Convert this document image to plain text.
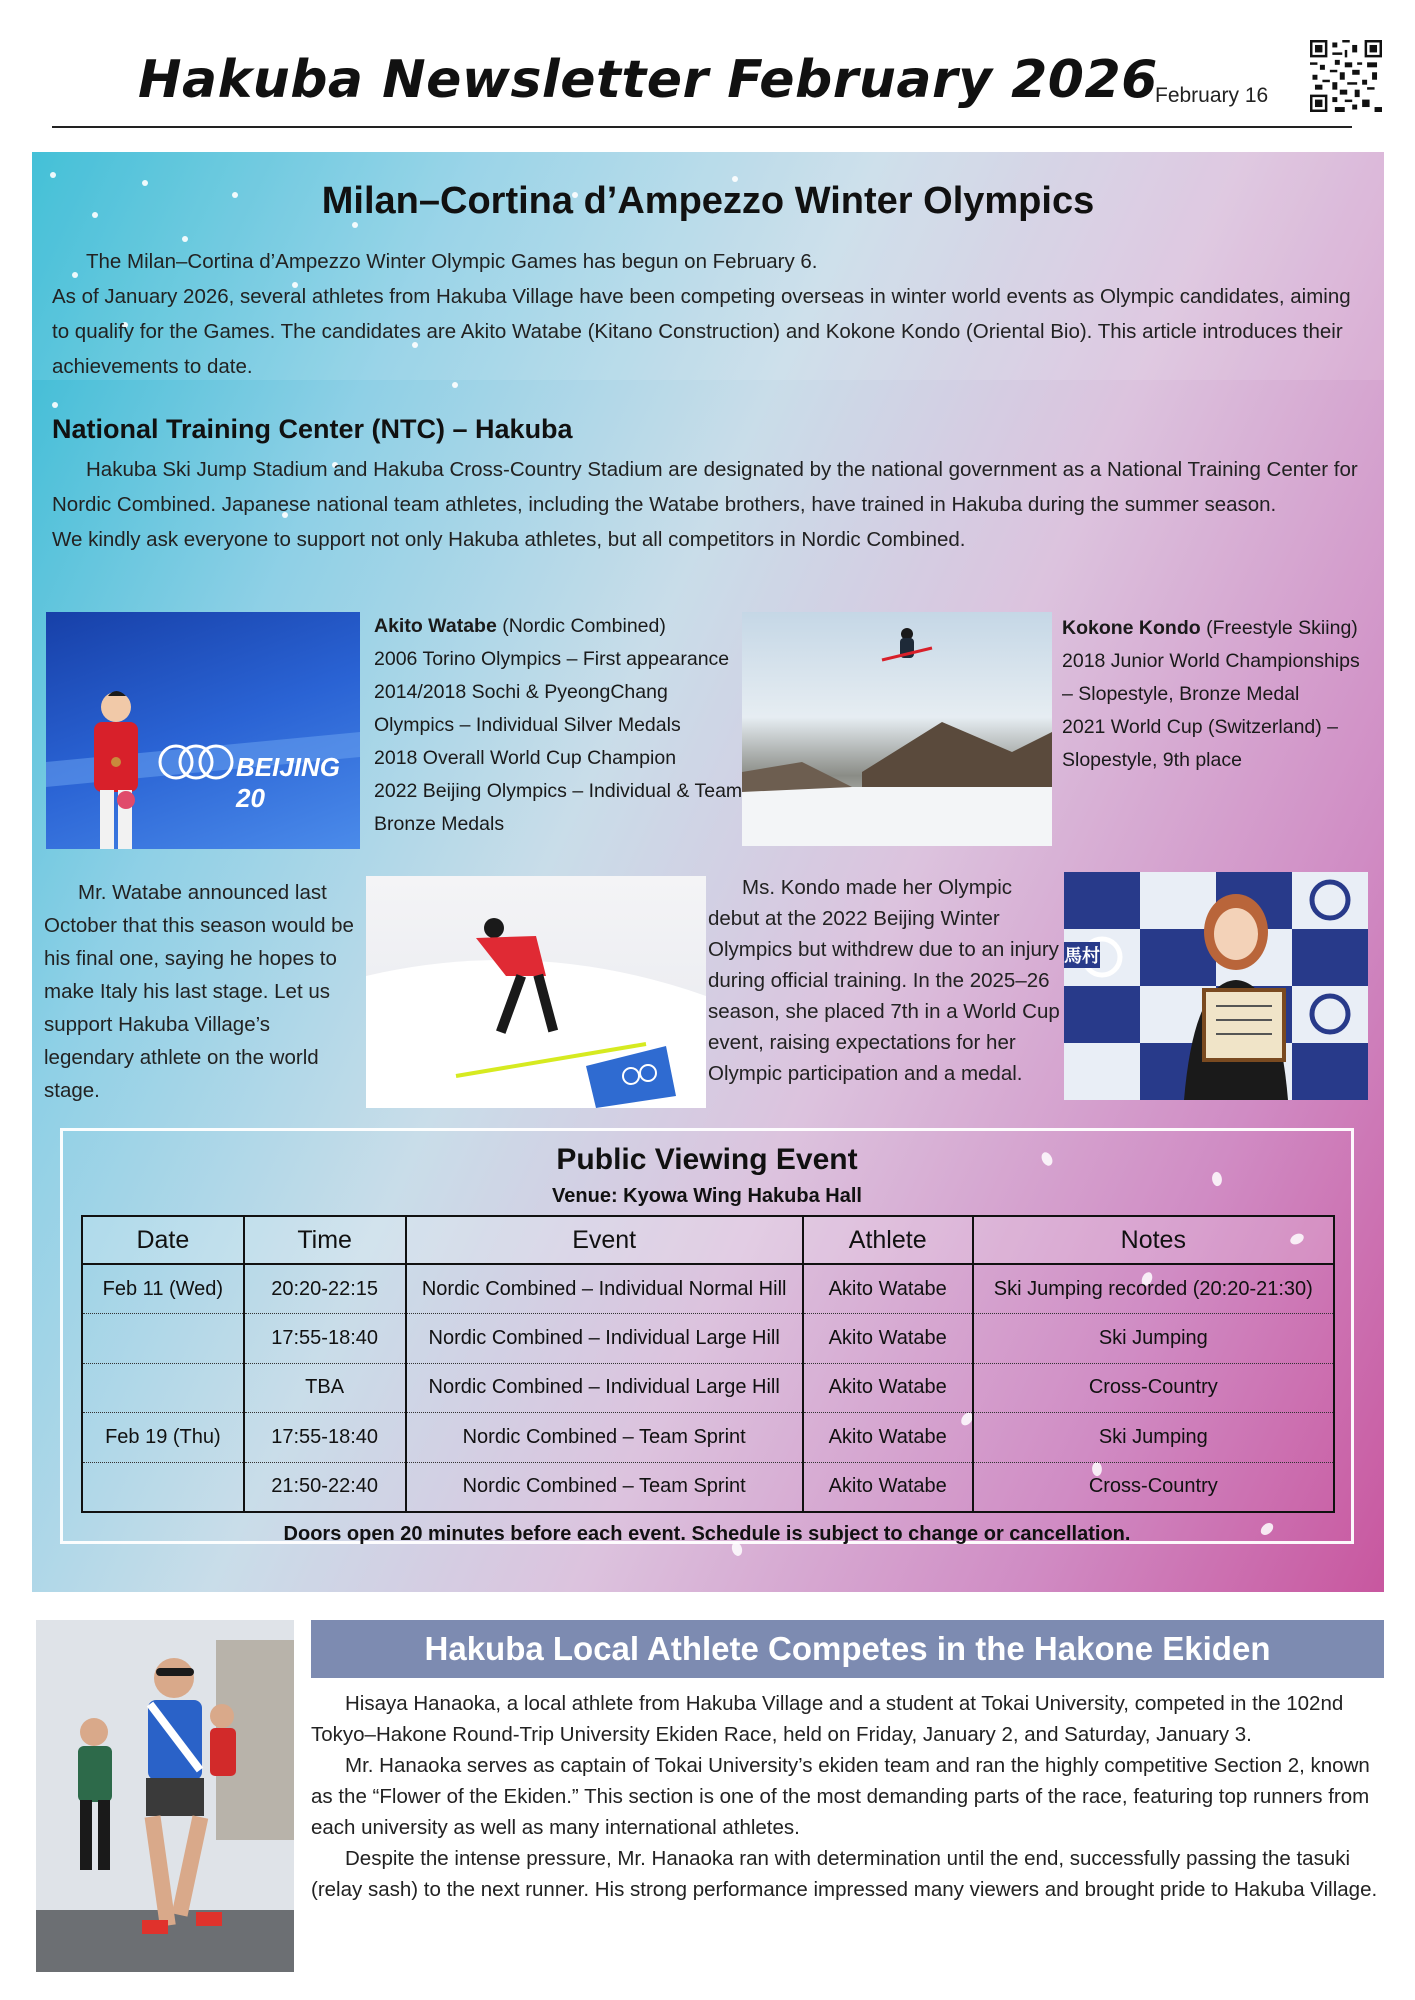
Hakuba Newsletter February 2026
February 16
Milan–Cortina d’Ampezzo Winter Olympics

The Milan–Cortina d’Ampezzo Winter Olympic Games has begun on February 6.

As of January 2026, several athletes from Hakuba Village have been competing overseas in winter world events as Olympic candidates, aiming to qualify for the Games. The candidates are Akito Watabe (Kitano Construction) and Kokone Kondo (Oriental Bio). This article introduces their achievements to date.

National Training Center (NTC) – Hakuba

Hakuba Ski Jump Stadium and Hakuba Cross-Country Stadium are designated by the national government as a National Training Center for Nordic Combined. Japanese national team athletes, including the Watabe brothers, have trained in Hakuba during the summer season.

We kindly ask everyone to support not only Hakuba athletes, but all competitors in Nordic Combined.

BEIJING 20
Akito Watabe (Nordic Combined)
2006 Torino Olympics – First appearance
2014/2018 Sochi & PyeongChang Olympics – Individual Silver Medals
2018 Overall World Cup Champion
2022 Beijing Olympics – Individual & Team Bronze Medals
Kokone Kondo (Freestyle Skiing)
2018 Junior World Championships – Slopestyle, Bronze Medal
2021 World Cup (Switzerland) – Slopestyle, 9th place
Mr. Watabe announced last October that this season would be his final one, saying he hopes to make Italy his last stage. Let us support Hakuba Village’s legendary athlete on the world stage.
Ms. Kondo made her Olympic debut at the 2022 Beijing Winter Olympics but withdrew due to an injury during official training. In the 2025–26 season, she placed 7th in a World Cup event, raising expectations for her Olympic participation and a medal.
馬村
Public Viewing Event
Venue: Kyowa Wing Hakuba Hall
Date	Time	Event	Athlete	Notes
Feb 11 (Wed)	20:20-22:15	Nordic Combined – Individual Normal Hill	Akito Watabe	Ski Jumping recorded (20:20-21:30)
	17:55-18:40	Nordic Combined – Individual Large Hill	Akito Watabe	Ski Jumping
	TBA	Nordic Combined – Individual Large Hill	Akito Watabe	Cross-Country
Feb 19 (Thu)	17:55-18:40	Nordic Combined – Team Sprint	Akito Watabe	Ski Jumping
	21:50-22:40	Nordic Combined – Team Sprint	Akito Watabe	Cross-Country
Doors open 20 minutes before each event. Schedule is subject to change or cancellation.
Hakuba Local Athlete Competes in the Hakone Ekiden

Hisaya Hanaoka, a local athlete from Hakuba Village and a student at Tokai University, competed in the 102nd Tokyo–Hakone Round-Trip University Ekiden Race, held on Friday, January 2, and Saturday, January 3.

Mr. Hanaoka serves as captain of Tokai University’s ekiden team and ran the highly competitive Section 2, known as the “Flower of the Ekiden.” This section is one of the most demanding parts of the race, featuring top runners from each university as well as many international athletes.

Despite the intense pressure, Mr. Hanaoka ran with determination until the end, successfully passing the tasuki (relay sash) to the next runner. His strong performance impressed many viewers and brought pride to Hakuba Village.
